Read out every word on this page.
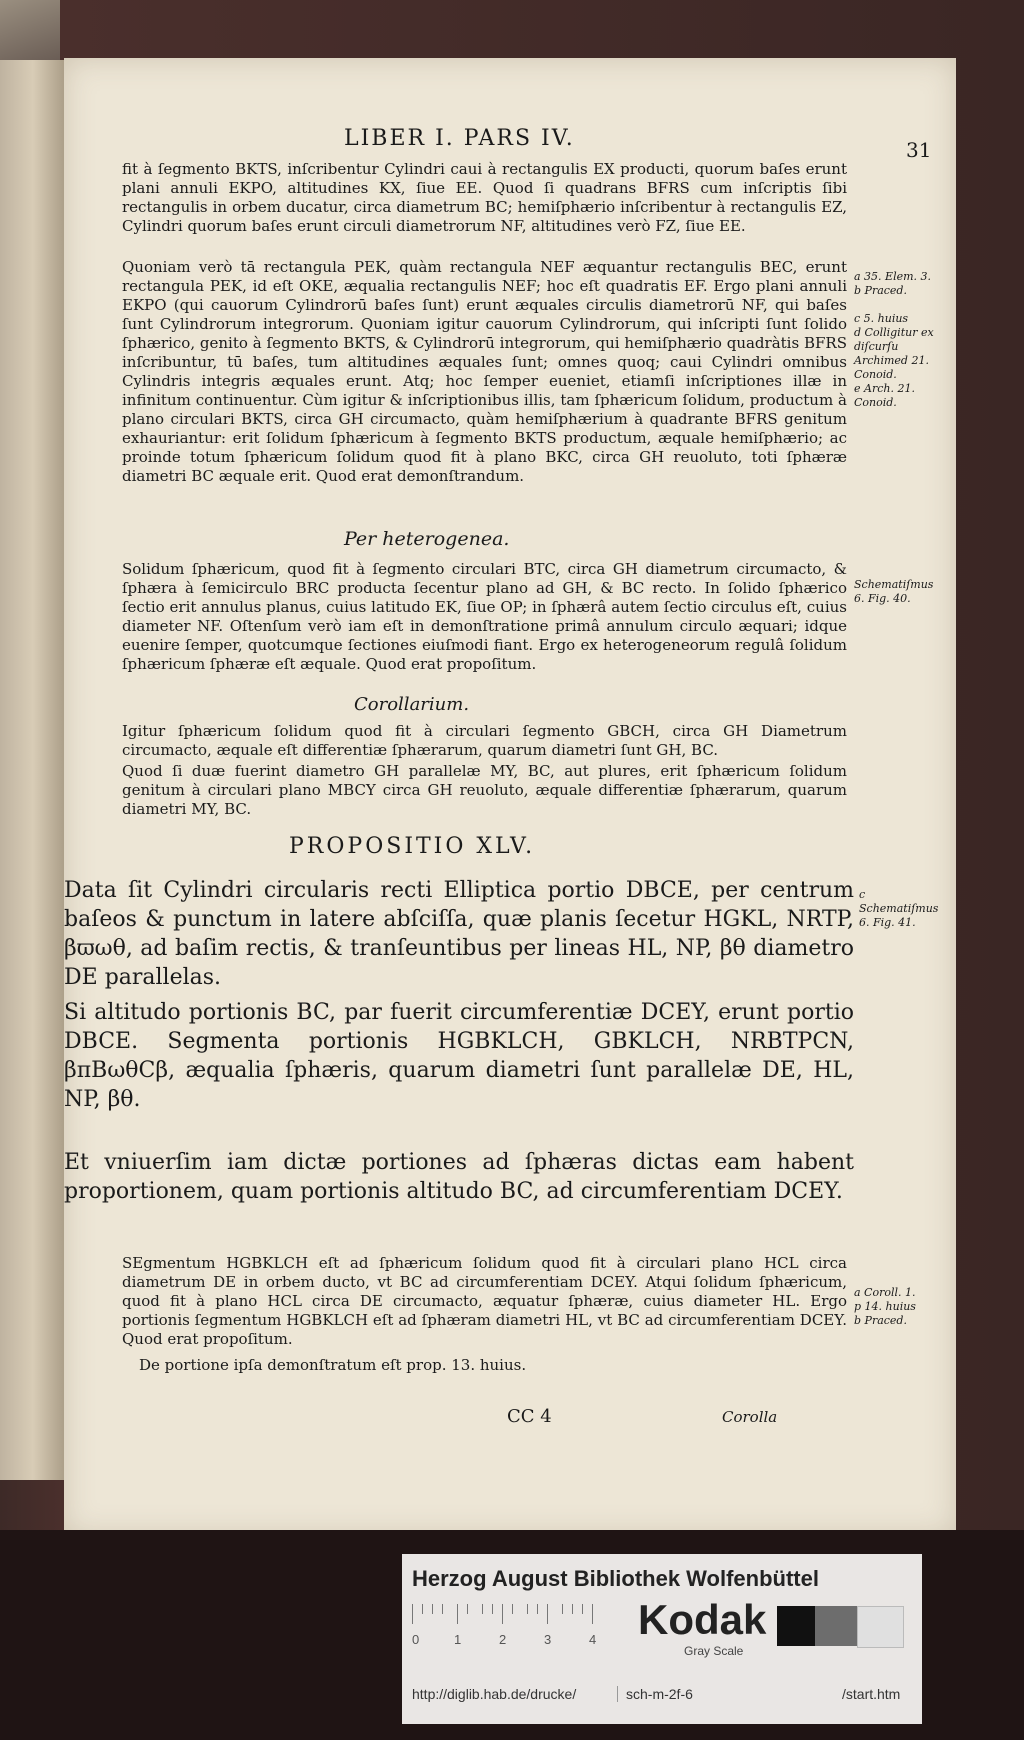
LIBER I. PARS IV.	31
fit à ſegmento BKTS, inſcribentur Cylindri caui à rectangulis EX producti, quorum baſes erunt plani annuli EKPO, altitudines KX, ſiue EE. Quod ſi quadrans BFRS cum inſcriptis ſibi rectangulis in orbem ducatur, circa diametrum BC; hemiſphærio inſcribentur à rectangulis EZ, Cylindri quorum baſes erunt circuli diametrorum NF, altitudines verò FZ, ſiue EE.
Quoniam verò tā rectangula PEK, quàm rectangula NEF æquantur rectangulis BEC, erunt rectangula PEK, id eſt OKE, æqualia rectangulis NEF; hoc eſt quadratis EF. Ergo plani annuli EKPO (qui cauorum Cylindrorū baſes ſunt) erunt æquales circulis diametrorū NF, qui baſes ſunt Cylindrorum integrorum. Quoniam igitur cauorum Cylindrorum, qui inſcripti ſunt ſolido ſphærico, genito à ſegmento BKTS, & Cylindrorū integrorum, qui hemiſphærio quadràtis BFRS inſcribuntur, tū baſes, tum altitudines æquales ſunt; omnes quoq; caui Cylindri omnibus Cylindris integris æquales erunt. Atq; hoc ſemper eueniet, etiamſi inſcriptiones illæ in infinitum continuentur. Cùm igitur & inſcriptionibus illis, tam ſphæricum ſolidum, productum à plano circulari BKTS, circa GH circumacto, quàm hemiſphærium à quadrante BFRS genitum exhauriantur: erit ſolidum ſphæricum à ſegmento BKTS productum, æquale hemiſphærio; ac proinde totum ſphæricum ſolidum quod fit à plano BKC, circa GH reuoluto, toti ſphæræ diametri BC æquale erit. Quod erat demonſtrandum.
a 35. Elem. 3.
b Praced.

c 5. huius
d Colligitur ex diſcurſu Archimed 21. Conoid.
e Arch. 21. Conoid.
Per heterogenea.
Solidum ſphæricum, quod fit à ſegmento circulari BTC, circa GH diametrum circumacto, & ſphæra à ſemicirculo BRC producta ſecentur plano ad GH, & BC recto. In ſolido ſphærico ſectio erit annulus planus, cuius latitudo EK, ſiue OP; in ſphærâ autem ſectio circulus eſt, cuius diameter NF. Oſtenſum verò iam eſt in demonſtratione primâ annulum circulo æquari; idque euenire ſemper, quotcumque ſectiones eiuſmodi fiant. Ergo ex heterogeneorum regulâ ſolidum ſphæricum ſphæræ eſt æquale. Quod erat propoſitum.
Schematiſmus 6. Fig. 40.
Corollarium.
Igitur ſphæricum ſolidum quod fit à circulari ſegmento GBCH, circa GH Diametrum circumacto, æquale eſt differentiæ ſphærarum, quarum diametri ſunt GH, BC.
Quod ſi duæ fuerint diametro GH parallelæ MY, BC, aut plures, erit ſphæricum ſolidum genitum à circulari plano MBCY circa GH reuoluto, æquale differentiæ ſphærarum, quarum diametri MY, BC.
PROPOSITIO XLV.
Data ſit Cylindri circularis recti Elliptica portio DBCE, per centrum baſeos & punctum in latere abſciſſa, quæ planis ſecetur HGKL, NRTP, βϖωθ, ad baſim rectis, & tranſeuntibus per lineas HL, NP, βθ diametro DE parallelas.
c Schematiſmus 6. Fig. 41.
Si altitudo portionis BC, par fuerit circumferentiæ DCEY, erunt portio DBCE. Segmenta portionis HGBKLCH, GBKLCH, NRBTPCN, βπBωθCβ, æqualia ſphæris, quarum diametri ſunt parallelæ DE, HL, NP, βθ.
Et vniuerſim iam dictæ portiones ad ſphæras dictas eam habent proportionem, quam portionis altitudo BC, ad circumferentiam DCEY.
SEgmentum HGBKLCH eſt ad ſphæricum ſolidum quod fit à circulari plano HCL circa diametrum DE in orbem ducto, vt BC ad circumferentiam DCEY. Atqui ſolidum ſphæricum, quod fit à plano HCL circa DE circumacto, æquatur ſphæræ, cuius diameter HL. Ergo portionis ſegmentum HGBKLCH eſt ad ſphæram diametri HL, vt BC ad circumferentiam DCEY. Quod erat propoſitum.
a Coroll. 1.
p 14. huius
b Praced.
De portione ipſa demonſtratum eſt prop. 13. huius.
CC 4	Corolla
Herzog August Bibliothek Wolfenbüttel
0	1	2	3	4 Kodak
Gray Scale
http://diglib.hab.de/drucke/	sch-m-2f-6	/start.htm
